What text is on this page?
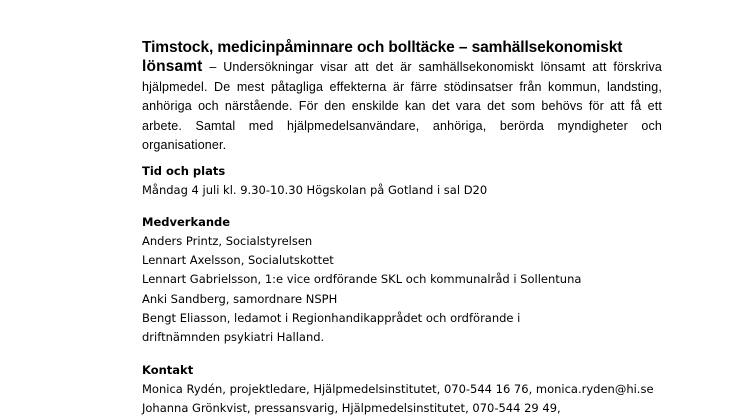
Timstock, medicinpåminnare och bolltäcke – samhällsekonomiskt

lönsamt – Undersökningar visar att det är samhällsekonomiskt lönsamt att förskriva hjälpmedel. De mest påtagliga effekterna är färre stödinsatser från kommun, landsting, anhöriga och närstående. För den enskilde kan det vara det som behövs för att få ett arbete. Samtal med hjälpmedelsanvändare, anhöriga, berörda myndigheter och organisationer.

Tid och plats

Måndag 4 juli kl. 9.30-10.30 Högskolan på Gotland i sal D20

Medverkande

Anders Printz, Socialstyrelsen

Lennart Axelsson, Socialutskottet

Lennart Gabrielsson, 1:e vice ordförande SKL och kommunalråd i Sollentuna

Anki Sandberg, samordnare NSPH

Bengt Eliasson, ledamot i Regionhandikapprådet och ordförande i driftnämnden psykiatri Halland.

Kontakt

Monica Rydén, projektledare, Hjälpmedelsinstitutet, 070-544 16 76, monica.ryden@hi.se

Johanna Grönkvist, pressansvarig, Hjälpmedelsinstitutet, 070-544 29 49,
